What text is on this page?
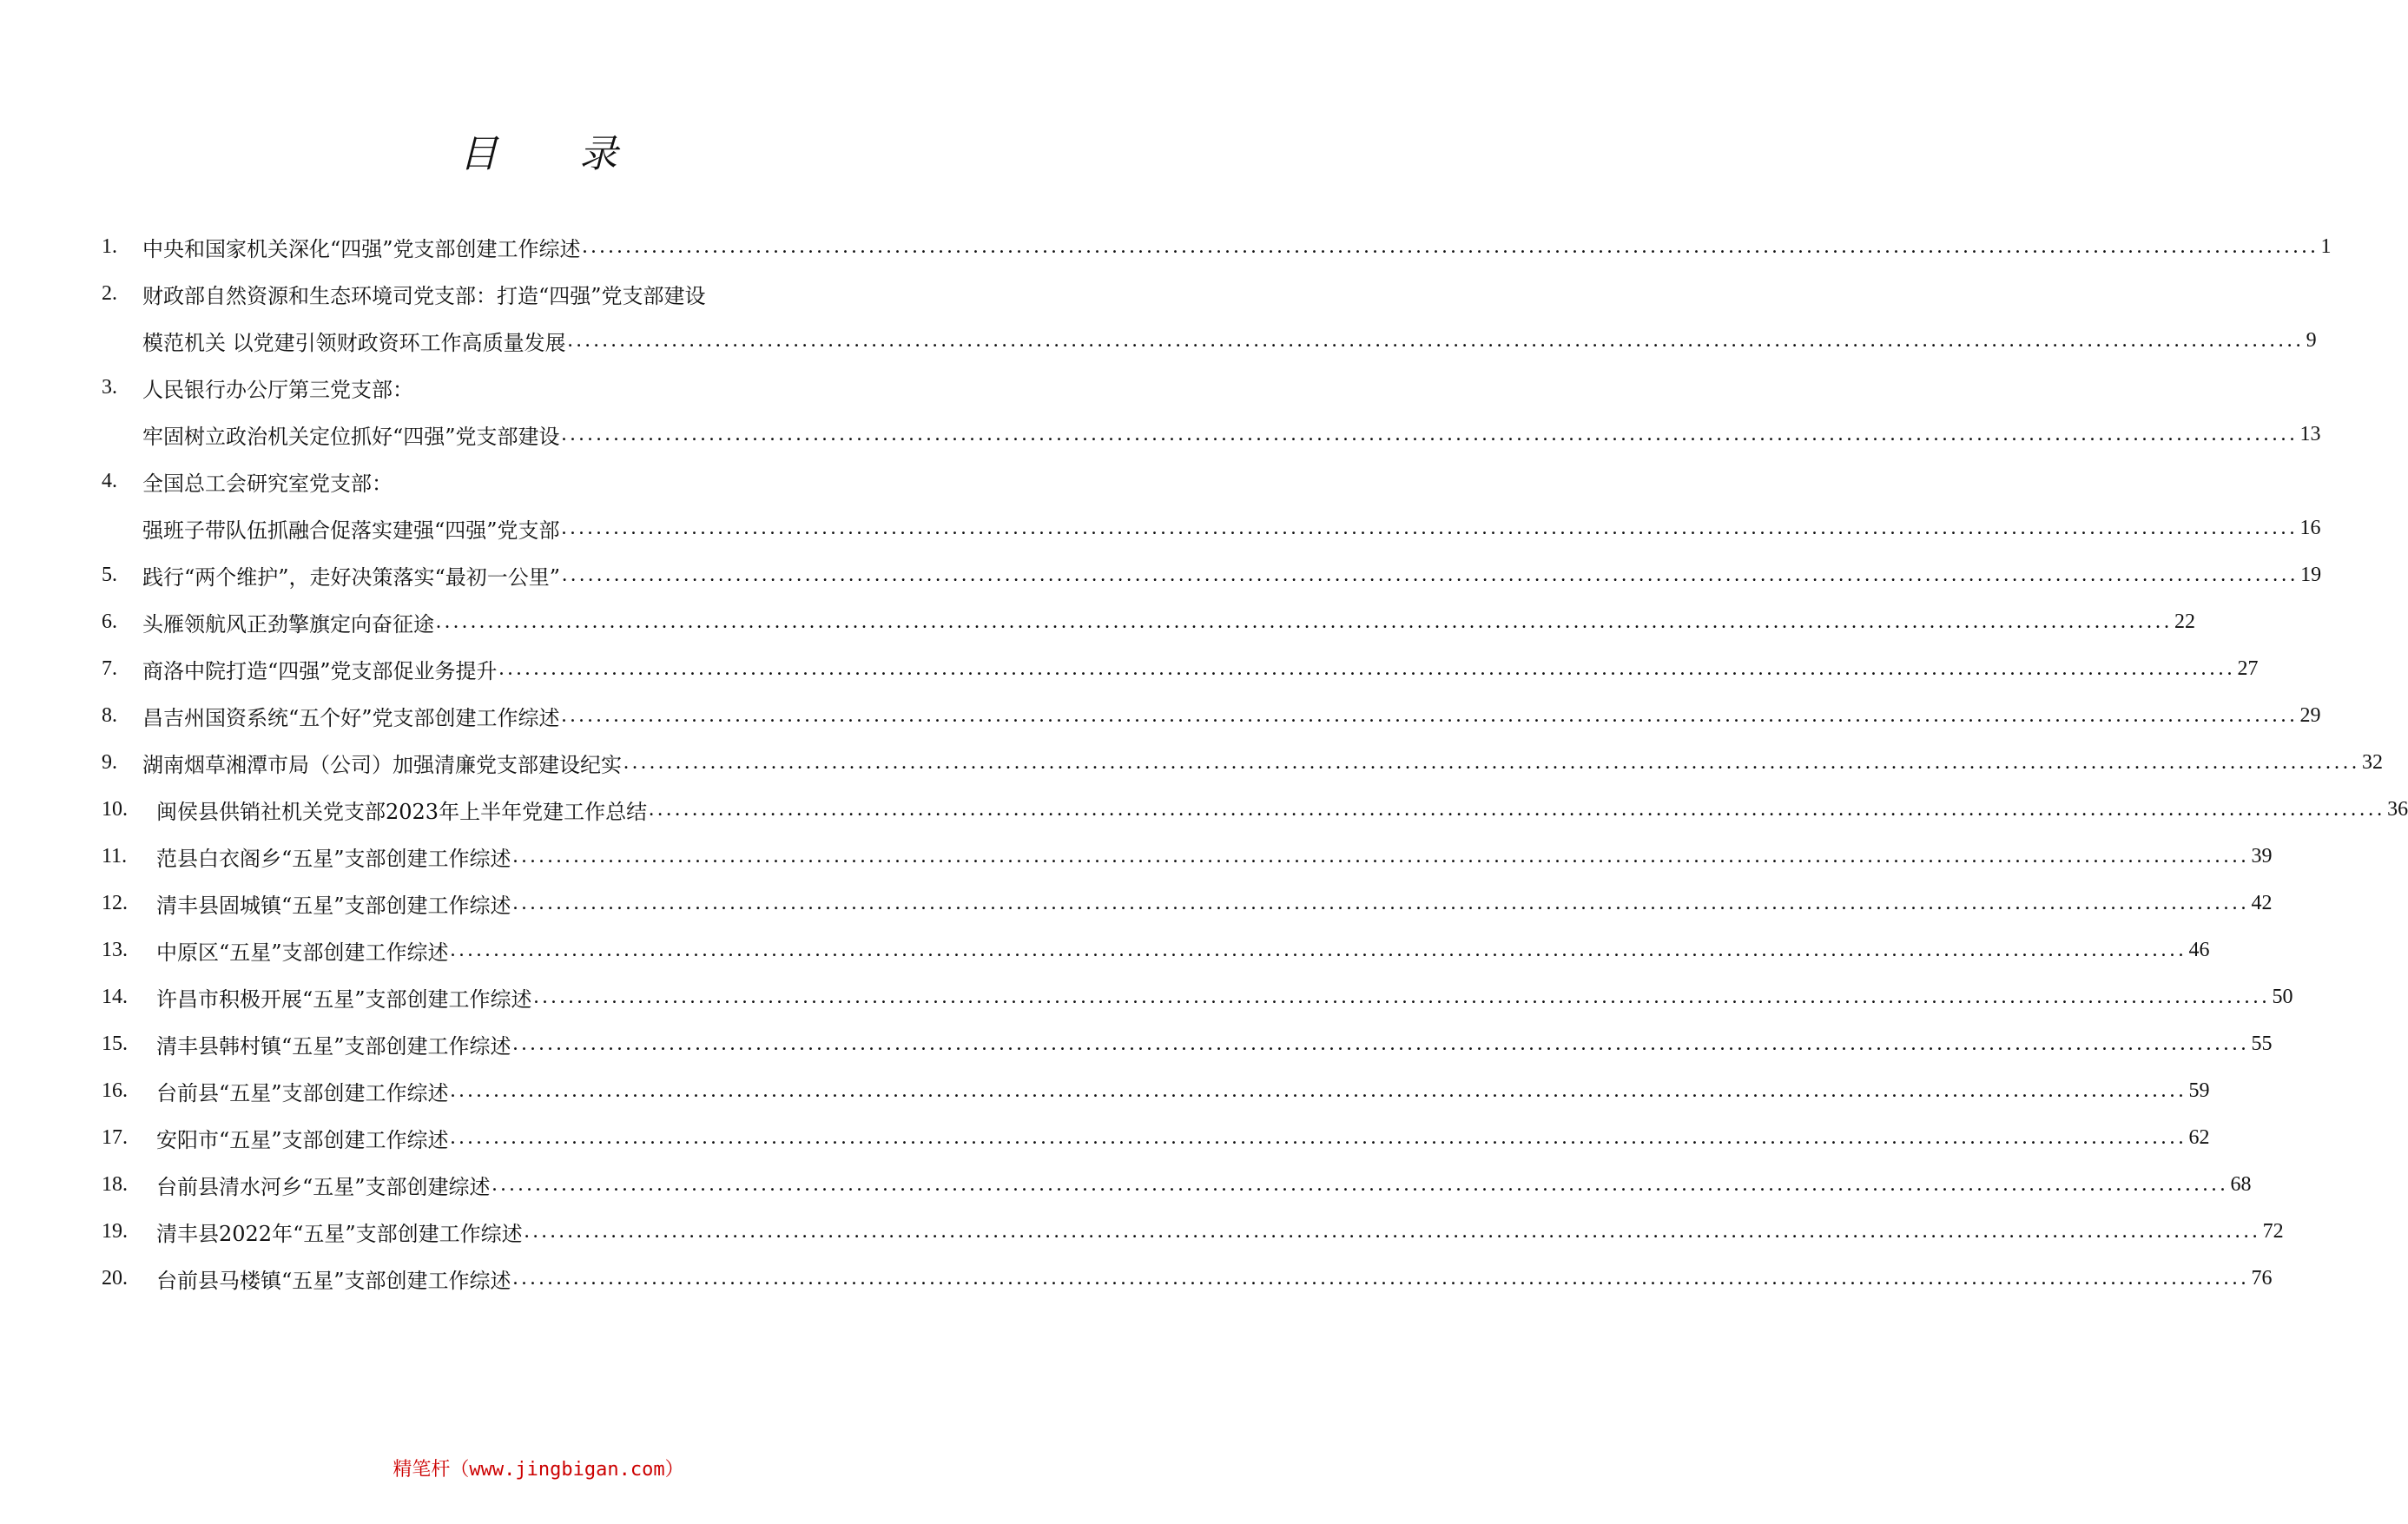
目 录
1.	中央和国家机关深化“四强”党支部创建工作综述 ........................................................................................................................................................................................................ 1
2.	财政部自然资源和生态环境司党支部：打造“四强”党支部建设
模范机关 以党建引领财政资环工作高质量发展 ........................................................................................................................................................................................................ 9
3.	人民银行办公厅第三党支部：
牢固树立政治机关定位抓好“四强”党支部建设 ........................................................................................................................................................................................................ 13
4.	全国总工会研究室党支部：
强班子带队伍抓融合促落实建强“四强”党支部 ........................................................................................................................................................................................................ 16
5.	践行“两个维护”，走好决策落实“最初一公里” ........................................................................................................................................................................................................ 19
6.	头雁领航风正劲擎旗定向奋征途 ........................................................................................................................................................................................................ 22
7.	商洛中院打造“四强”党支部促业务提升 ........................................................................................................................................................................................................ 27
8.	昌吉州国资系统“五个好”党支部创建工作综述 ........................................................................................................................................................................................................ 29
9.	湖南烟草湘潭市局（公司）加强清廉党支部建设纪实 ........................................................................................................................................................................................................ 32
10.	闽侯县供销社机关党支部2023年上半年党建工作总结 ........................................................................................................................................................................................................ 36
11.	范县白衣阁乡“五星”支部创建工作综述 ........................................................................................................................................................................................................ 39
12.	清丰县固城镇“五星”支部创建工作综述 ........................................................................................................................................................................................................ 42
13.	中原区“五星”支部创建工作综述 ........................................................................................................................................................................................................ 46
14.	许昌市积极开展“五星”支部创建工作综述 ........................................................................................................................................................................................................ 50
15.	清丰县韩村镇“五星”支部创建工作综述 ........................................................................................................................................................................................................ 55
16.	台前县“五星”支部创建工作综述 ........................................................................................................................................................................................................ 59
17.	安阳市“五星”支部创建工作综述 ........................................................................................................................................................................................................ 62
18.	台前县清水河乡“五星”支部创建综述 ........................................................................................................................................................................................................ 68
19.	清丰县2022年“五星”支部创建工作综述 ........................................................................................................................................................................................................ 72
20.	台前县马楼镇“五星”支部创建工作综述 ........................................................................................................................................................................................................ 76
精笔杆（www.jingbigan.com）
